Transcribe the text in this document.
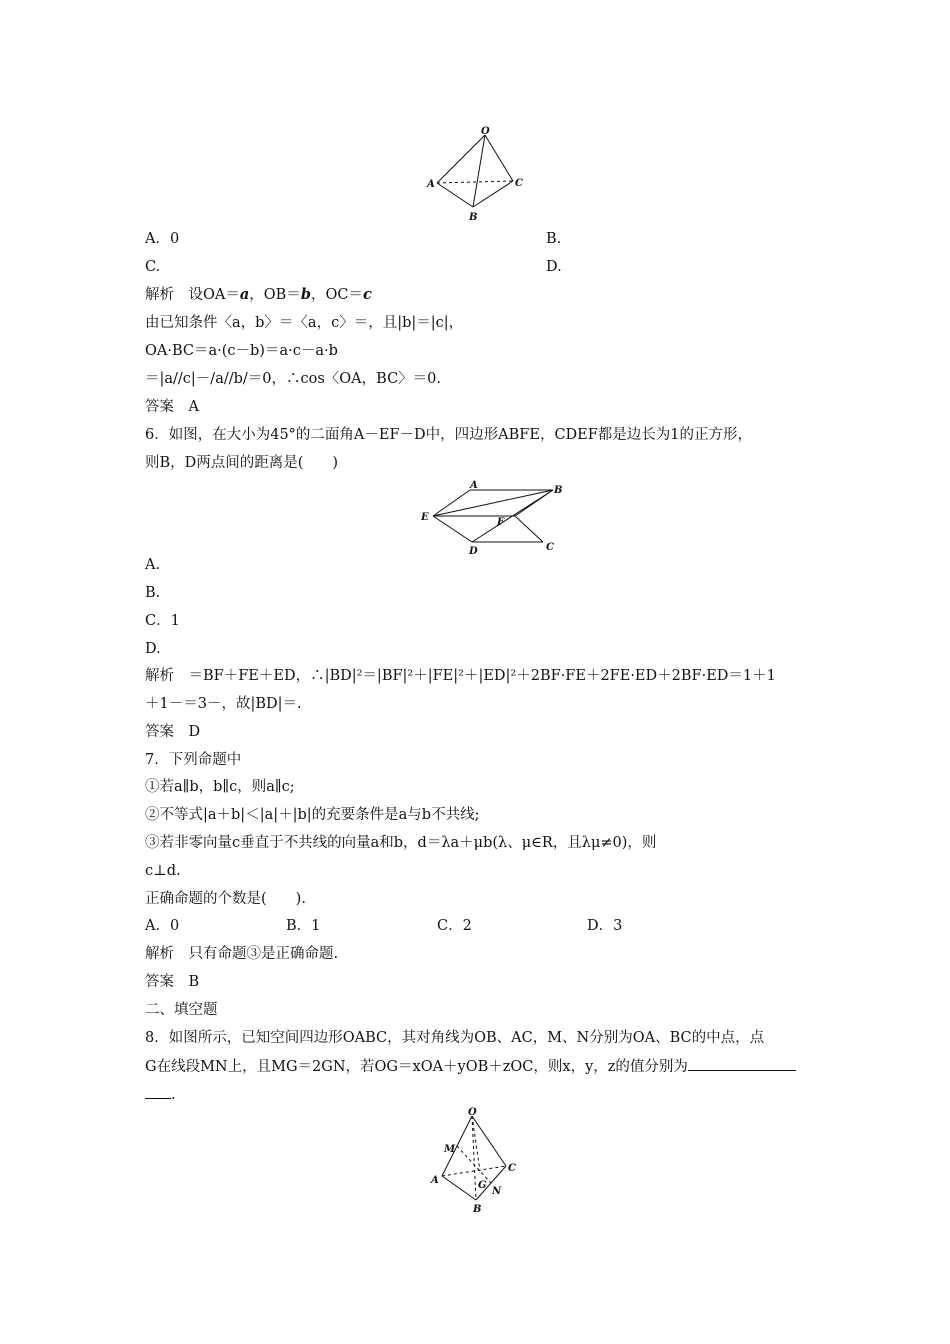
O
A
B
C
A．0	B.
C.	D.
解析　 设OA＝a，OB＝b，OC＝c
由已知条件〈a，b〉＝〈a，c〉＝，且|b|＝|c|，
OA·BC＝a·(c－b)＝a·c－a·b
＝|a//c|－/a//b/＝0，∴cos〈OA，BC〉＝0.
答案　A
6．如图，在大小为45°的二面角A－EF－D中，四边形ABFE，CDEF都是边长为1的正方形，
则B，D两点间的距离是(　　)
A	B
E	F
D	C
A.
B.
C．1
D.
解析　＝BF＋FE＋ED，∴|BD|²＝|BF|²＋|FE|²＋|ED|²＋2BF·FE＋2FE·ED＋2BF·ED＝1＋1
＋1－＝3－，故|BD|＝.
答案　D
7．下列命题中
①若a∥b，b∥c，则a∥c;
②不等式|a＋b|＜|a|＋|b|的充要条件是a与b不共线;
③若非零向量c垂直于不共线的向量a和b，d＝λa＋μb(λ、μ∈R，且λμ≠0)，则
c⊥d.
正确命题的个数是(　　).
A．0	B．1	C．2	D．3
解析　只有命题③是正确命题.
答案　B
二、填空题
8．如图所示，已知空间四边形OABC，其对角线为OB、AC，M、N分别为OA、BC的中点，点
G在线段MN上，且MG＝2GN，若OG＝xOA＋yOB＋zOC，则x，y，z的值分别为
.
O
M
A
C
G
N
B
